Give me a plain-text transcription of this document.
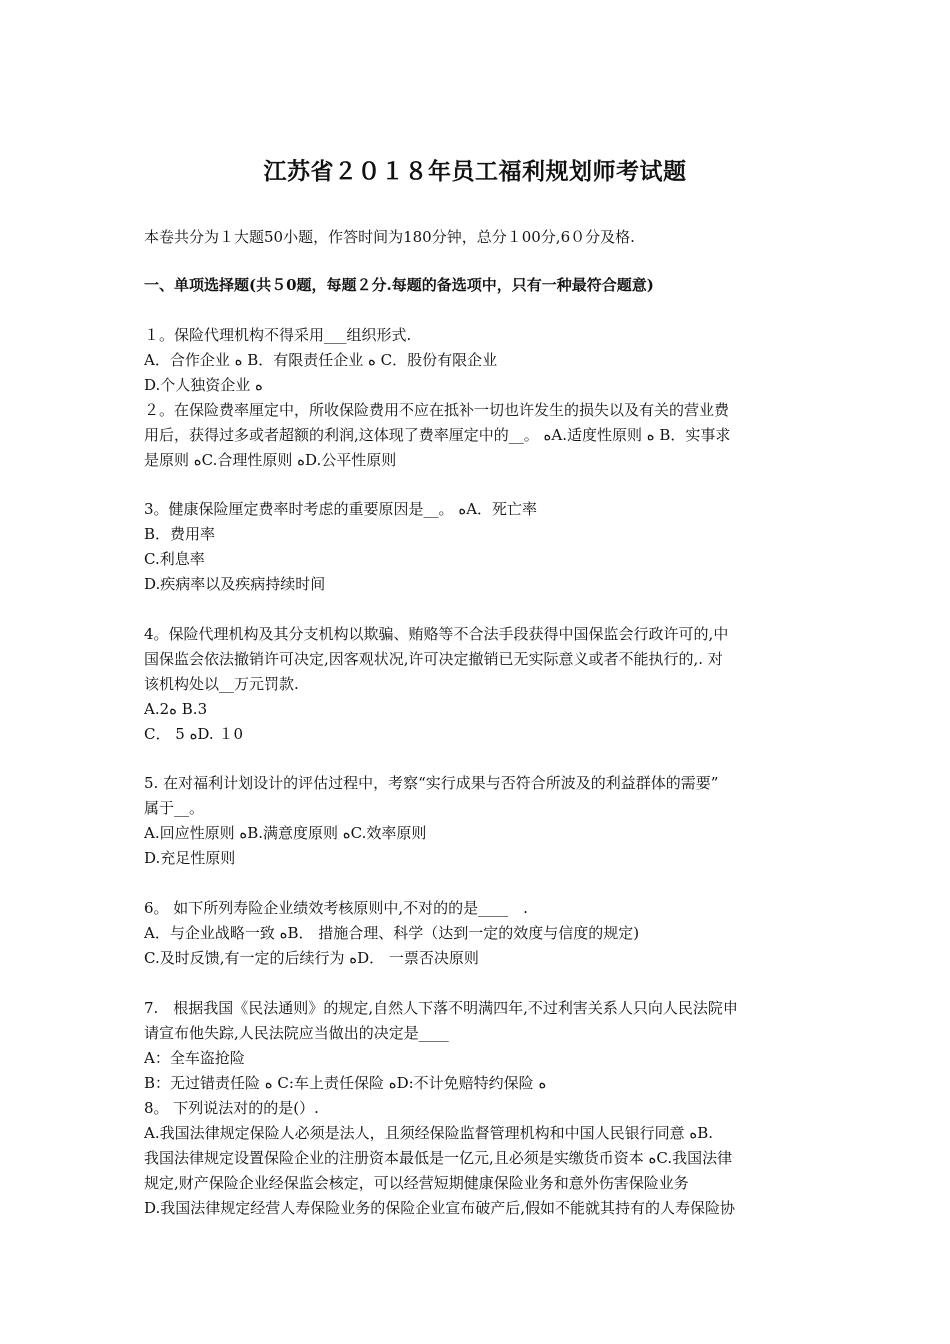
江苏省２０１８年员工福利规划师考试题
本卷共分为１大题50小题，作答时间为180分钟，总分１00分,6０分及格.
一、单项选择题(共５0题，每题２分.每题的备选项中，只有一种最符合题意)
１。保险代理机构不得采用___组织形式.
A．合作企业 ﻩ B．有限责任企业 ﻩ C．股份有限企业
D.个人独资企业 ﻩ
２。在保险费率厘定中，所收保险费用不应在抵补一切也许发生的损失以及有关的营业费
用后，获得过多或者超额的利润,这体现了费率厘定中的__。 ﻩA.适度性原则 ﻩ B．实事求
是原则 ﻩC.合理性原则 ﻩD.公平性原则
3。健康保险厘定费率时考虑的重要原因是__。 ﻩA．死亡率
B．费用率
C.利息率
D.疾病率以及疾病持续时间
4。保险代理机构及其分支机构以欺骗、贿赂等不合法手段获得中国保监会行政许可的,中
国保监会依法撤销许可决定,因客观状况,许可决定撤销已无实际意义或者不能执行的,. 对
该机构处以__万元罚款.
A.2ﻩ B.3
C． 5 ﻩD. １0
5. 在对福利计划设计的评估过程中，考察“实行成果与否符合所波及的利益群体的需要”
属于__。
A.回应性原则 ﻩB.满意度原则 ﻩC.效率原则
D.充足性原则
6。 如下所列寿险企业绩效考核原则中,不对的的是____　.
A．与企业战略一致 ﻩB． 措施合理、科学（达到一定的效度与信度的规定)
C.及时反馈,有一定的后续行为 ﻩD． 一票否决原则
7.　根据我国《民法通则》的规定,自然人下落不明满四年,不过利害关系人只向人民法院申
请宣布他失踪,人民法院应当做出的决定是____
A：全车盗抢险
B：无过错责任险 ﻩ C:车上责任保险 ﻩD:不计免赔特约保险 ﻩ
8。 下列说法对的的是(）.
A.我国法律规定保险人必须是法人，且须经保险监督管理机构和中国人民银行同意 ﻩB.
我国法律规定设置保险企业的注册资本最低是一亿元,且必须是实缴货币资本 ﻩC.我国法律
规定,财产保险企业经保监会核定，可以经营短期健康保险业务和意外伤害保险业务
D.我国法律规定经营人寿保险业务的保险企业宣布破产后,假如不能就其持有的人寿保险协
